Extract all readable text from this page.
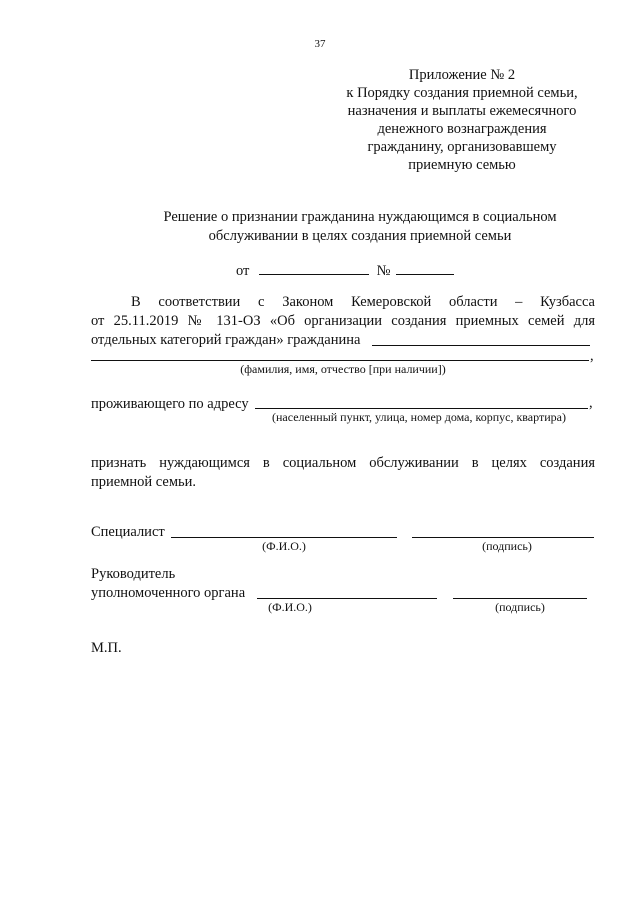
37
Приложение № 2
к Порядку создания приемной семьи,
назначения и выплаты ежемесячного
денежного вознаграждения
гражданину, организовавшему
приемную семью
Решение о признании гражданина нуждающимся в социальном
обслуживании в целях создания приемной семьи
от	№
В соответствии с Законом Кемеровской области – Кузбасса
от 25.11.2019 № 131-ОЗ «Об организации создания приемных семей для
отдельных категорий граждан» гражданина
,
(фамилия, имя, отчество [при наличии])
проживающего по адресу	,
(населенный пункт, улица, номер дома, корпус, квартира)
признать нуждающимся в социальном обслуживании в целях создания
приемной семьи.
Специалист
(Ф.И.О.)	(подпись)
Руководитель
уполномоченного органа
(Ф.И.О.)	(подпись)
М.П.
